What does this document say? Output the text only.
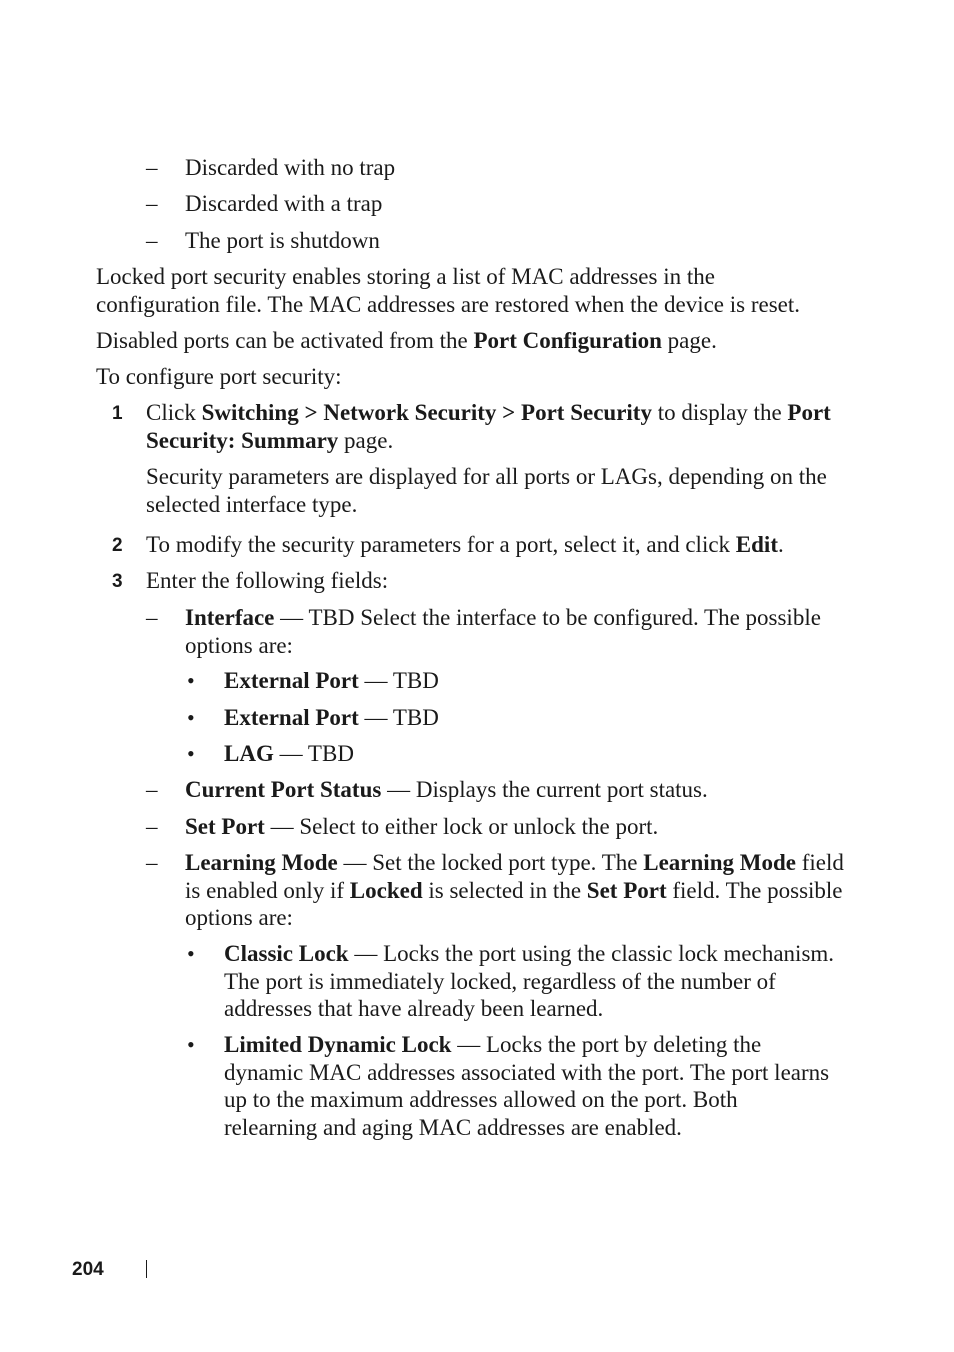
– Discarded with no trap
– Discarded with a trap
– The port is shutdown
Locked port security enables storing a list of MAC addresses in the
configuration file. The MAC addresses are restored when the device is reset.
Disabled ports can be activated from the Port Configuration page.
To configure port security:
1 Click Switching > Network Security > Port Security to display the Port
Security: Summary page.
Security parameters are displayed for all ports or LAGs, depending on the
selected interface type.
2 To modify the security parameters for a port, select it, and click Edit.
3 Enter the following fields:
– Interface — TBD Select the interface to be configured. The possible
options are:
• External Port — TBD
• External Port — TBD
• LAG — TBD
– Current Port Status — Displays the current port status.
– Set Port — Select to either lock or unlock the port.
– Learning Mode — Set the locked port type. The Learning Mode field
is enabled only if Locked is selected in the Set Port field. The possible
options are:
• Classic Lock — Locks the port using the classic lock mechanism.
The port is immediately locked, regardless of the number of
addresses that have already been learned.
• Limited Dynamic Lock — Locks the port by deleting the
dynamic MAC addresses associated with the port. The port learns
up to the maximum addresses allowed on the port. Both
relearning and aging MAC addresses are enabled.
204
